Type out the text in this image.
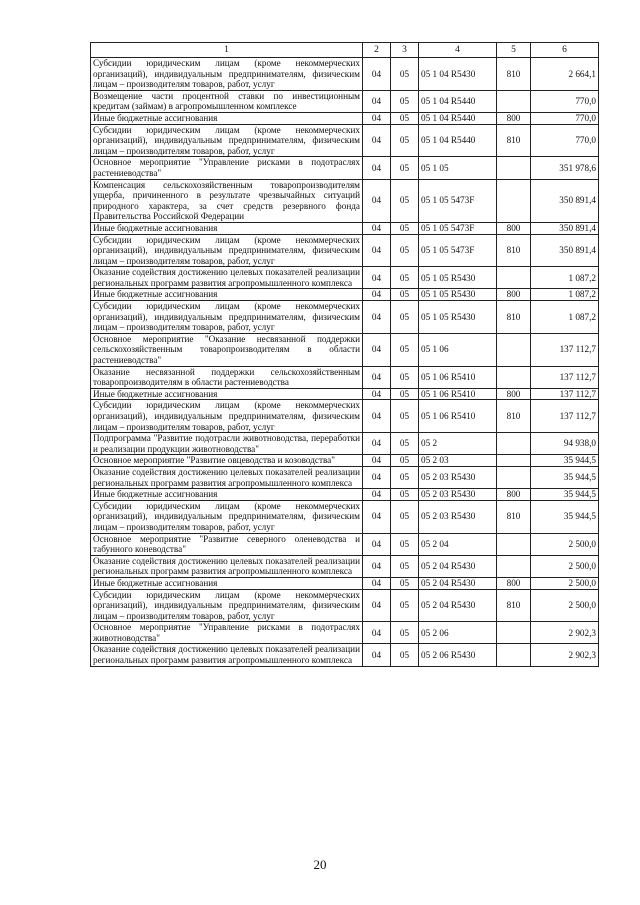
1	2	3	4	5	6
Субсидии юридическим лицам (кроме некоммерческих организаций), индивидуальным предпринимателям, физическим лицам – производителям товаров, работ, услуг	04	05	05 1 04 R5430	810	2 664,1
Возмещение части процентной ставки по инвестиционным кредитам (займам) в агропромышленном комплексе	04	05	05 1 04 R5440		770,0
Иные бюджетные ассигнования	04	05	05 1 04 R5440	800	770,0
Субсидии юридическим лицам (кроме некоммерческих организаций), индивидуальным предпринимателям, физическим лицам – производителям товаров, работ, услуг	04	05	05 1 04 R5440	810	770,0
Основное мероприятие "Управление рисками в подотраслях растениеводства"	04	05	05 1 05		351 978,6
Компенсация сельскохозяйственным товаропроизводителям ущерба, причиненного в результате чрезвычайных ситуаций природного характера, за счет средств резервного фонда Правительства Российской Федерации	04	05	05 1 05 5473F		350 891,4
Иные бюджетные ассигнования	04	05	05 1 05 5473F	800	350 891,4
Субсидии юридическим лицам (кроме некоммерческих организаций), индивидуальным предпринимателям, физическим лицам – производителям товаров, работ, услуг	04	05	05 1 05 5473F	810	350 891,4
Оказание содействия достижению целевых показателей реализации региональных программ развития агропромышленного комплекса	04	05	05 1 05 R5430		1 087,2
Иные бюджетные ассигнования	04	05	05 1 05 R5430	800	1 087,2
Субсидии юридическим лицам (кроме некоммерческих организаций), индивидуальным предпринимателям, физическим лицам – производителям товаров, работ, услуг	04	05	05 1 05 R5430	810	1 087,2
Основное мероприятие "Оказание несвязанной поддержки сельскохозяйственным товаропроизводителям в области растениеводства"	04	05	05 1 06		137 112,7
Оказание несвязанной поддержки сельскохозяйственным товаропроизводителям в области растениеводства	04	05	05 1 06 R5410		137 112,7
Иные бюджетные ассигнования	04	05	05 1 06 R5410	800	137 112,7
Субсидии юридическим лицам (кроме некоммерческих организаций), индивидуальным предпринимателям, физическим лицам – производителям товаров, работ, услуг	04	05	05 1 06 R5410	810	137 112,7
Подпрограмма "Развитие подотрасли животноводства, переработки и реализации продукции животноводства"	04	05	05 2		94 938,0
Основное мероприятие "Развитие овцеводства и козоводства"	04	05	05 2 03		35 944,5
Оказание содействия достижению целевых показателей реализации региональных программ развития агропромышленного комплекса	04	05	05 2 03 R5430		35 944,5
Иные бюджетные ассигнования	04	05	05 2 03 R5430	800	35 944,5
Субсидии юридическим лицам (кроме некоммерческих организаций), индивидуальным предпринимателям, физическим лицам – производителям товаров, работ, услуг	04	05	05 2 03 R5430	810	35 944,5
Основное мероприятие "Развитие северного оленеводства и табунного коневодства"	04	05	05 2 04		2 500,0
Оказание содействия достижению целевых показателей реализации региональных программ развития агропромышленного комплекса	04	05	05 2 04 R5430		2 500,0
Иные бюджетные ассигнования	04	05	05 2 04 R5430	800	2 500,0
Субсидии юридическим лицам (кроме некоммерческих организаций), индивидуальным предпринимателям, физическим лицам – производителям товаров, работ, услуг	04	05	05 2 04 R5430	810	2 500,0
Основное мероприятие "Управление рисками в подотраслях животноводства"	04	05	05 2 06		2 902,3
Оказание содействия достижению целевых показателей реализации региональных программ развития агропромышленного комплекса	04	05	05 2 06 R5430		2 902,3
20
